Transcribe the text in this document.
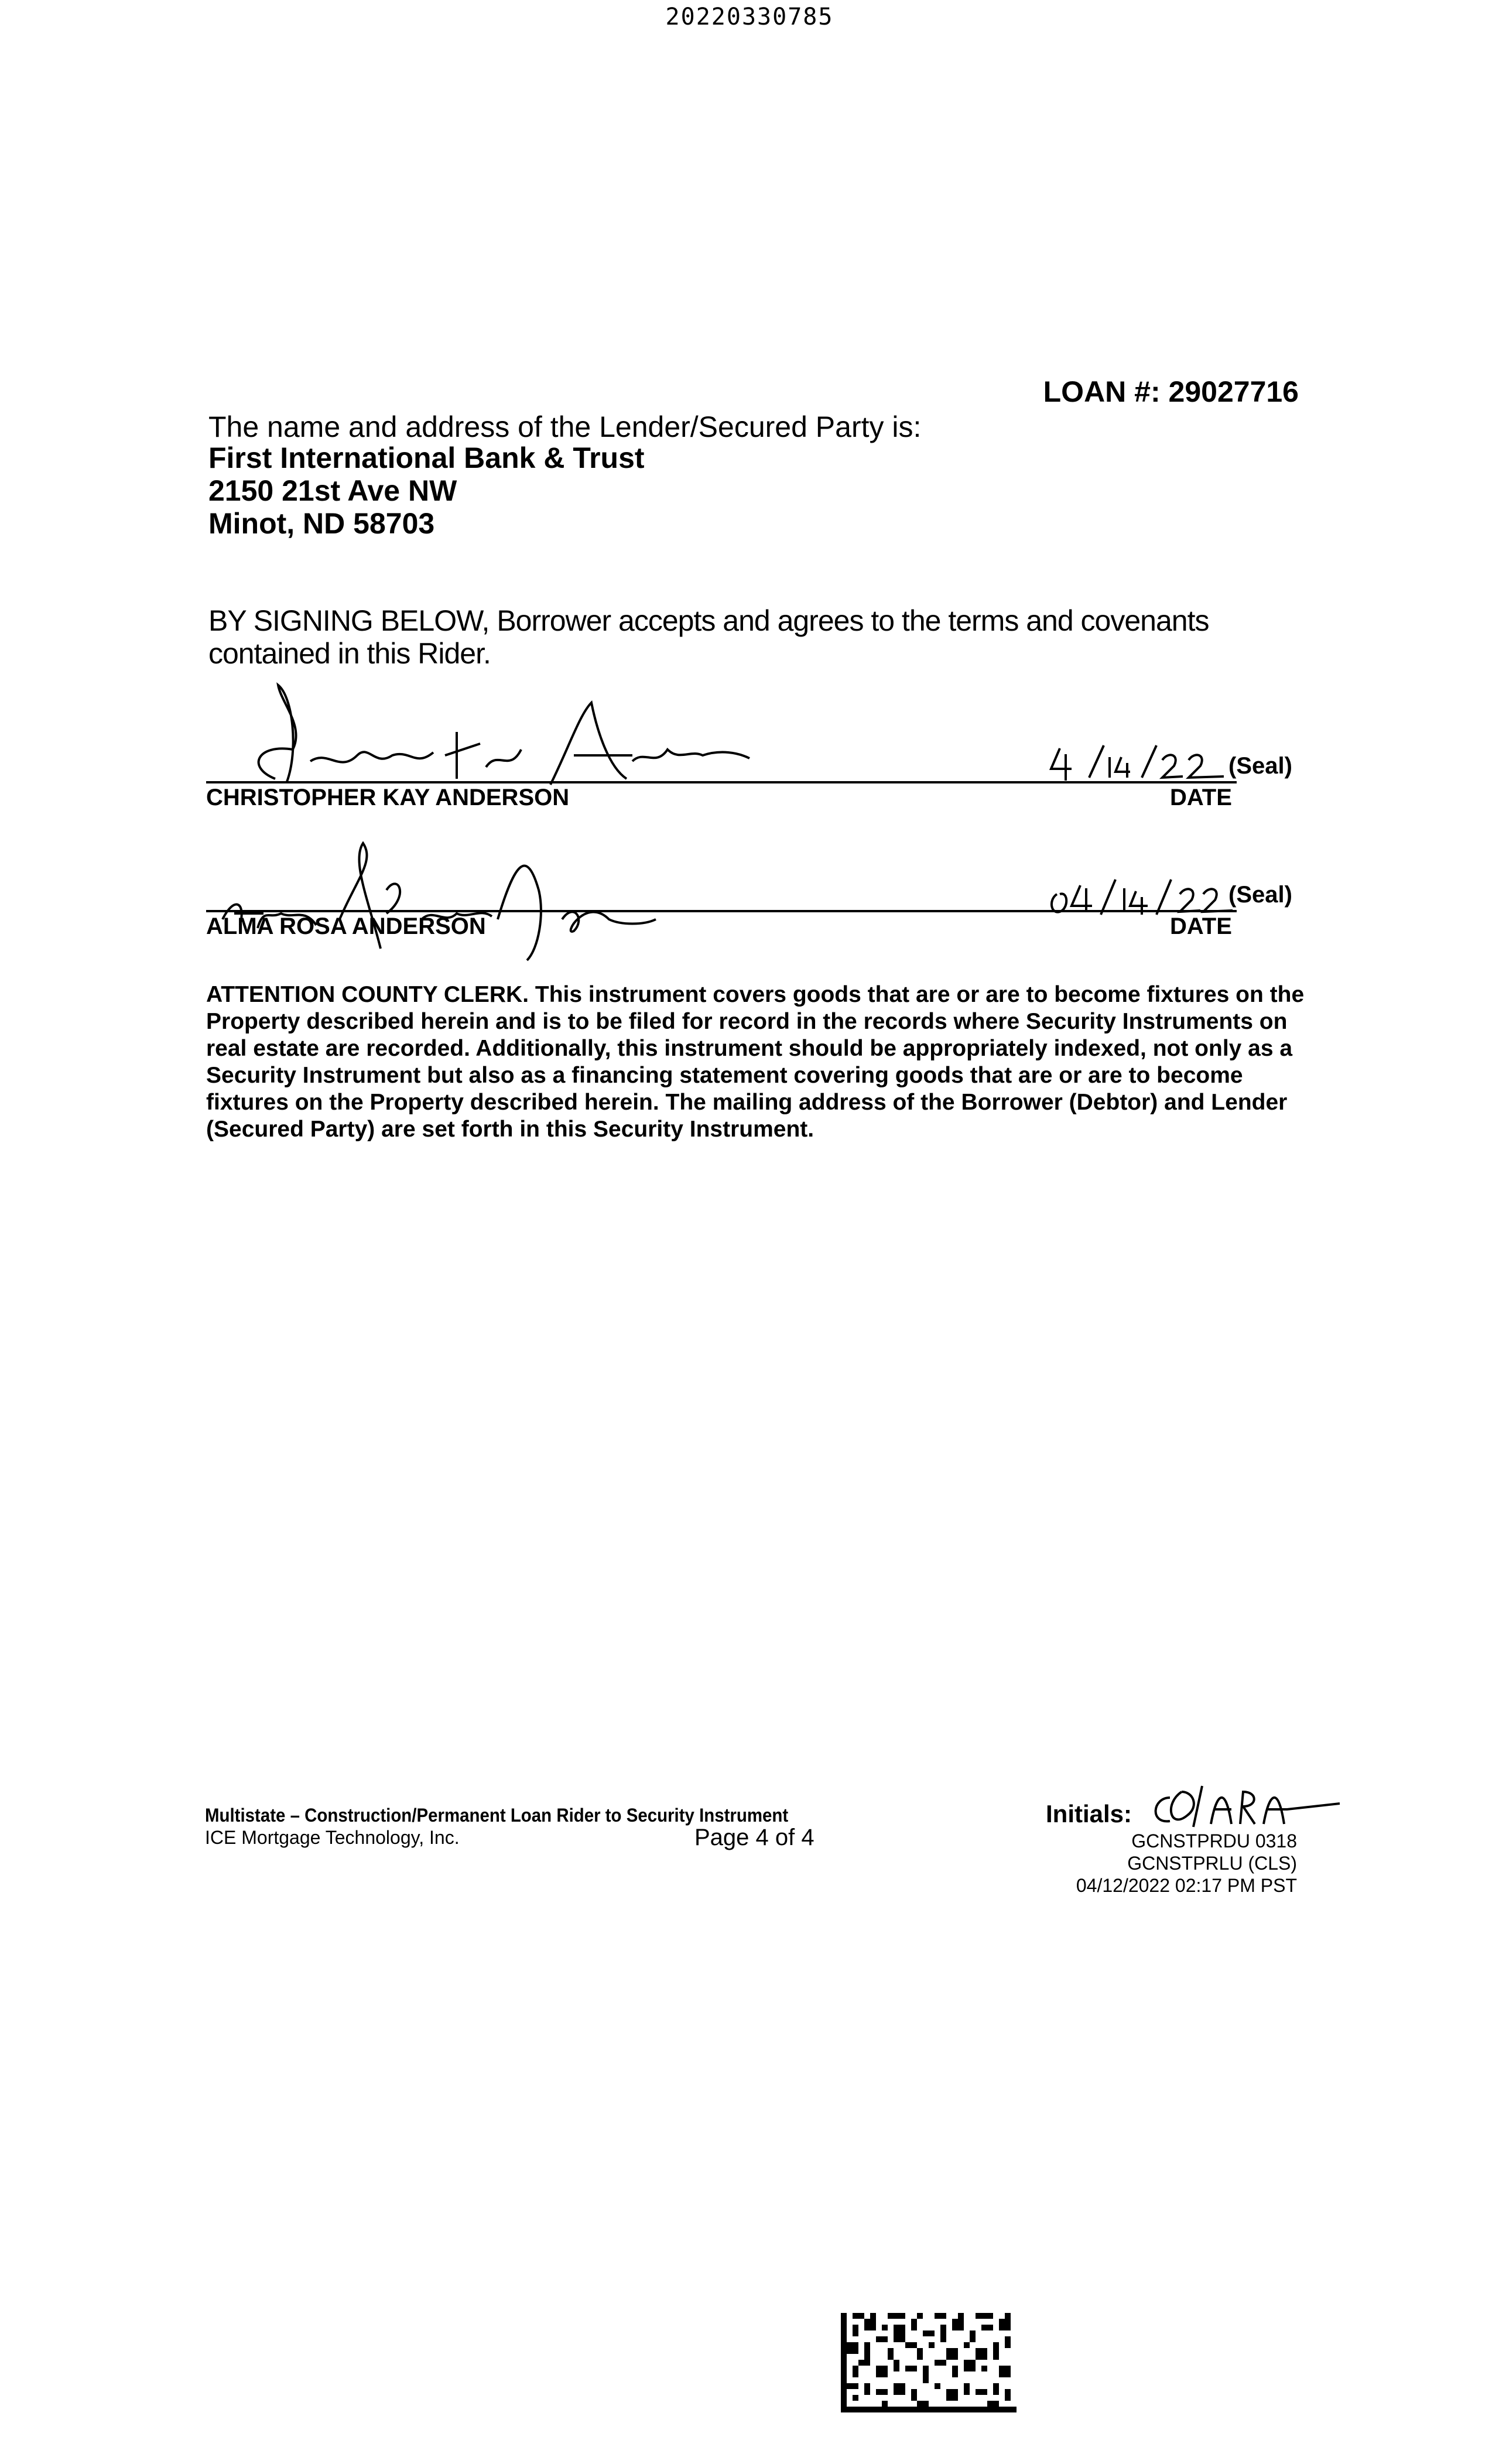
20220330785
LOAN #: 29027716
The name and address of the Lender/Secured Party is:
First International Bank & Trust
2150 21st Ave NW
Minot, ND 58703
BY SIGNING BELOW, Borrower accepts and agrees to the terms and covenants contained in this Rider.
(Seal)
CHRISTOPHER KAY ANDERSON	DATE
(Seal)
ALMA ROSA ANDERSON	DATE
ATTENTION COUNTY CLERK. This instrument covers goods that are or are to become fixtures on the Property described herein and is to be filed for record in the records where Security Instruments on real estate are recorded. Additionally, this instrument should be appropriately indexed, not only as a Security Instrument but also as a financing statement covering goods that are or are to become fixtures on the Property described herein. The mailing address of the Borrower (Debtor) and Lender (Secured Party) are set forth in this Security Instrument.
Multistate – Construction/Permanent Loan Rider to Security Instrument
ICE Mortgage Technology, Inc.	Page 4 of 4
Initials:
GCNSTPRDU 0318
GCNSTPRLU (CLS)
04/12/2022 02:17 PM PST
